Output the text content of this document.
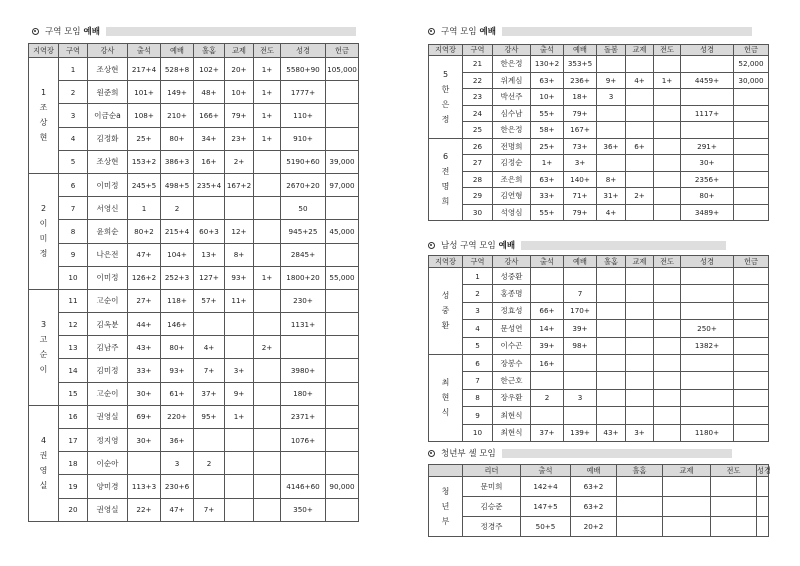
구역 모임 예배
지역장	구역	강사	출석	예배	홀홈	교제	전도	성경	헌금

1
조
상
현	1	조상현	217+4	528+8	102+	20+	1+	5580+90	105,000
	2	원준희	101+	149+	48+	10+	1+	1777+	
	3	이금순a	108+	210+	166+	79+	1+	110+	
	4	김정화	25+	80+	34+	23+	1+	910+	
	5	조상현	153+2	386+3	16+	2+		5190+60	39,000

2
이
미
정	6	이미정	245+5	498+5	235+4	167+2		2670+20	97,000
	7	서영신	1	2				50	
	8	윤희순	80+2	215+4	60+3	12+		945+25	45,000
	9	나은전	47+	104+	13+	8+		2845+	
	10	이미정	126+2	252+3	127+	93+	1+	1800+20	55,000

3
고
순
이	11	고순이	27+	118+	57+	11+		230+	
	12	김옥분	44+	146+				1131+	
	13	김남주	43+	80+	4+		2+		
	14	김미정	33+	93+	7+	3+		3980+	
	15	고순이	30+	61+	37+	9+		180+	

4
권
영
실	16	권영실	69+	220+	95+	1+		2371+	
	17	정지영	30+	36+				1076+	
	18	이순아		3	2				
	19	양미경	113+3	230+6				4146+60	90,000
	20	권영실	22+	47+	7+			350+	
구역 모임 예배
지역장	구역	강사	출석	예배	돌봄	교제	전도	성경	헌금

5
한
은
정	21	한은정	130+2	353+5					52,000
	22	위계심	63+	236+	9+	4+	1+	4459+	30,000
	23	박선주	10+	18+	3				
	24	심수남	55+	79+				1117+	
	25	한은정	58+	167+					

6
전
명
희	26	전명희	25+	73+	36+	6+		291+	
	27	김정순	1+	3+				30+	
	28	조은희	63+	140+	8+			2356+	
	29	김연형	33+	71+	31+	2+		80+	
	30	석영심	55+	79+	4+			3489+	
남성 구역 모임 예배
지역장	구역	강사	출석	예배	홀홈	교제	전도	성경	헌금

성
중
환	1	성중환							
	2	홍종명		7					
	3	정효성	66+	170+					
	4	문성연	14+	39+				250+	
	5	이수곤	39+	98+				1382+	

최
현
식	6	장봉수	16+						
	7	한근호							
	8	장우환	2	3					
	9	최현식							
	10	최현식	37+	139+	43+	3+		1180+	
청년부 셀 모임
	리더	출석	예배	홀홈	교제	전도	성경	

청
년
부	문미희	142+4	63+2					
	김승준	147+5	63+2					
	정경주	50+5	20+2					
